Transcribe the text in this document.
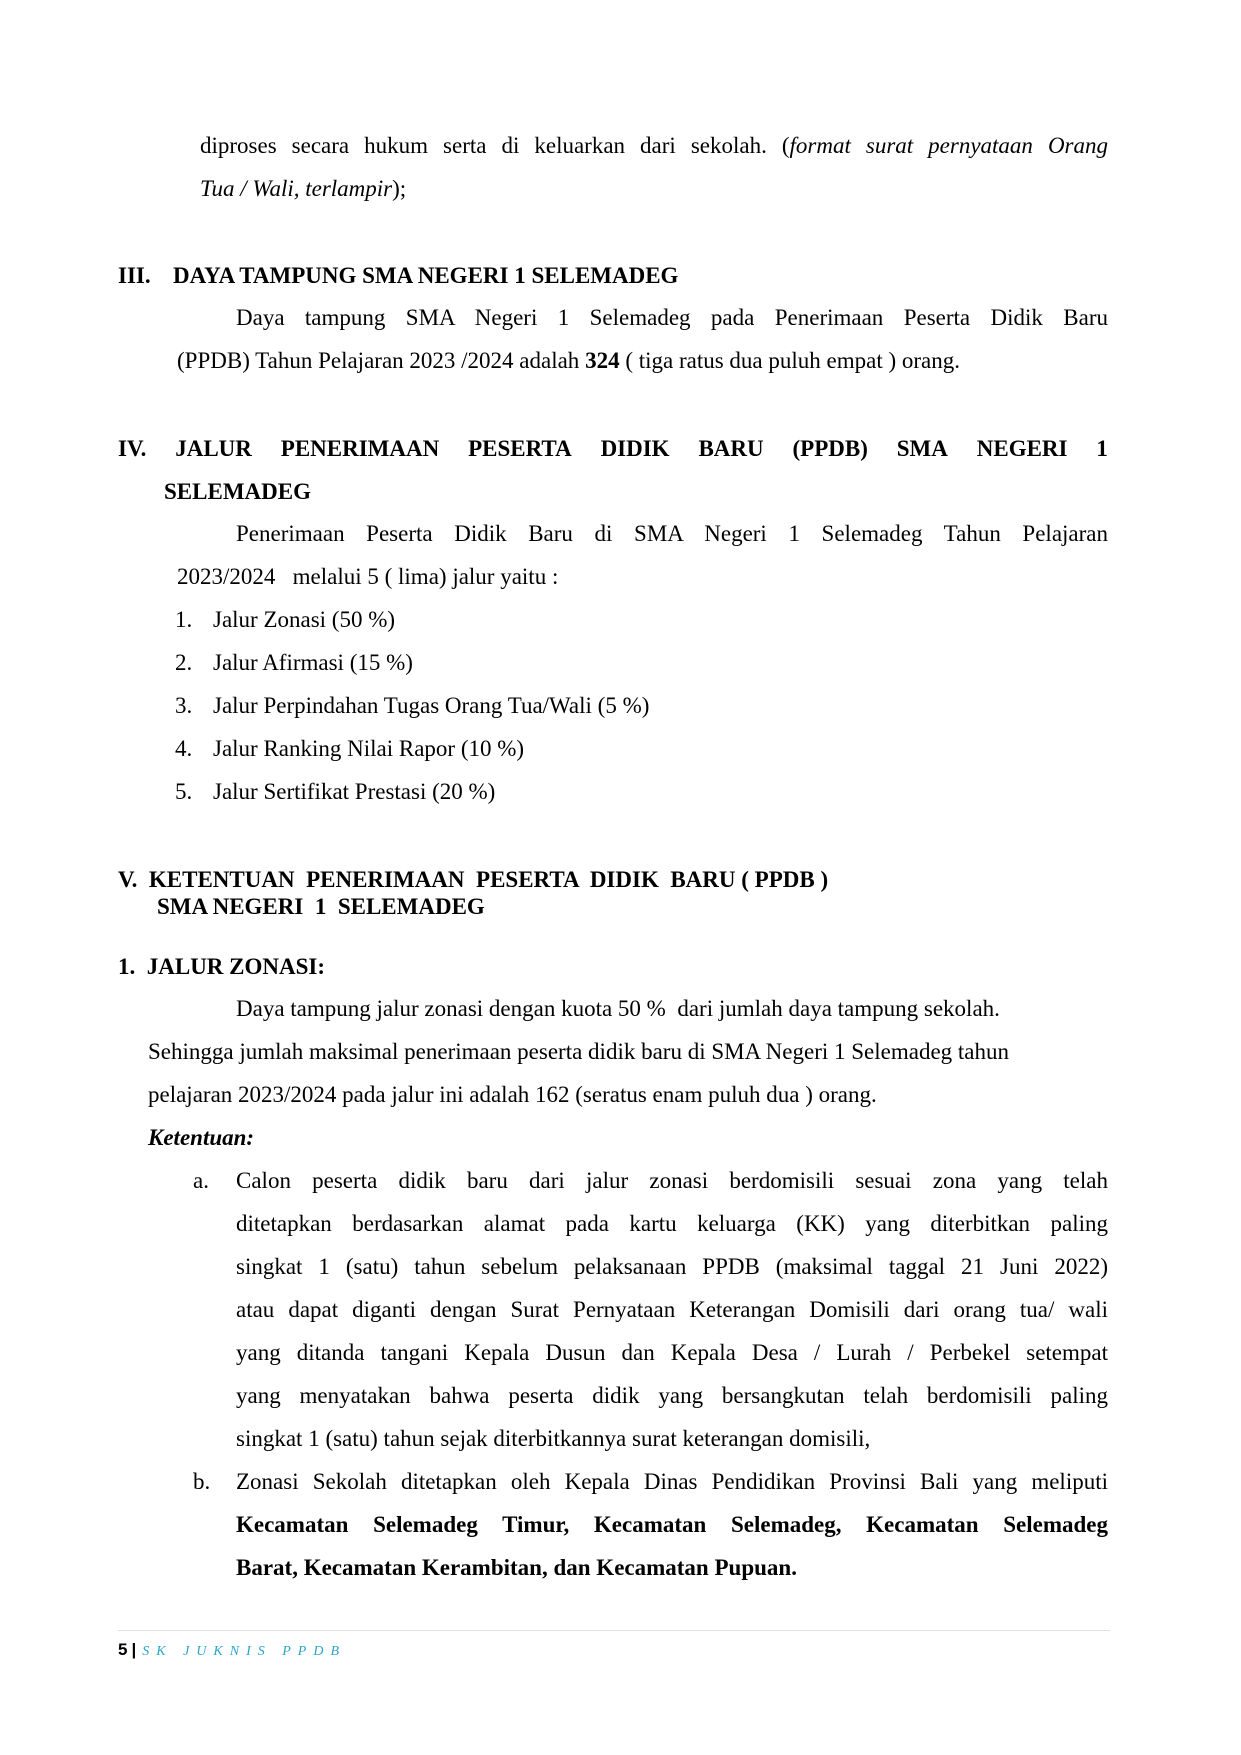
diproses secara hukum serta di keluarkan dari sekolah. (format surat pernyataan Orang
Tua / Wali, terlampir);
III. DAYA TAMPUNG SMA NEGERI 1 SELEMADEG
Daya tampung SMA Negeri 1 Selemadeg pada Penerimaan Peserta Didik Baru
(PPDB) Tahun Pelajaran 2023 /2024 adalah 324 ( tiga ratus dua puluh empat ) orang.
IV. JALUR PENERIMAAN PESERTA DIDIK BARU (PPDB) SMA NEGERI 1
SELEMADEG
Penerimaan Peserta Didik Baru di SMA Negeri 1 Selemadeg Tahun Pelajaran
2023/2024   melalui 5 ( lima) jalur yaitu :
1. Jalur Zonasi (50 %)
2. Jalur Afirmasi (15 %)
3. Jalur Perpindahan Tugas Orang Tua/Wali (5 %)
4. Jalur Ranking Nilai Rapor (10 %)
5. Jalur Sertifikat Prestasi (20 %)
V.  KETENTUAN  PENERIMAAN  PESERTA  DIDIK  BARU ( PPDB )
SMA NEGERI  1  SELEMADEG
1.  JALUR ZONASI:
Daya tampung jalur zonasi dengan kuota 50 %  dari jumlah daya tampung sekolah.
Sehingga jumlah maksimal penerimaan peserta didik baru di SMA Negeri 1 Selemadeg tahun
pelajaran 2023/2024 pada jalur ini adalah 162 (seratus enam puluh dua ) orang.
Ketentuan:
a. Calon peserta didik baru dari jalur zonasi berdomisili sesuai zona yang telah
ditetapkan berdasarkan alamat pada kartu keluarga (KK) yang diterbitkan paling
singkat 1 (satu) tahun sebelum pelaksanaan PPDB (maksimal taggal 21 Juni 2022)
atau dapat diganti dengan Surat Pernyataan Keterangan Domisili dari orang tua/ wali
yang ditanda tangani Kepala Dusun dan Kepala Desa / Lurah / Perbekel setempat
yang menyatakan bahwa peserta didik yang bersangkutan telah berdomisili paling
singkat 1 (satu) tahun sejak diterbitkannya surat keterangan domisili,
b. Zonasi Sekolah ditetapkan oleh Kepala Dinas Pendidikan Provinsi Bali yang meliputi
Kecamatan Selemadeg Timur, Kecamatan Selemadeg, Kecamatan Selemadeg
Barat, Kecamatan Kerambitan, dan Kecamatan Pupuan.
5 | SK JUKNIS PPDB
